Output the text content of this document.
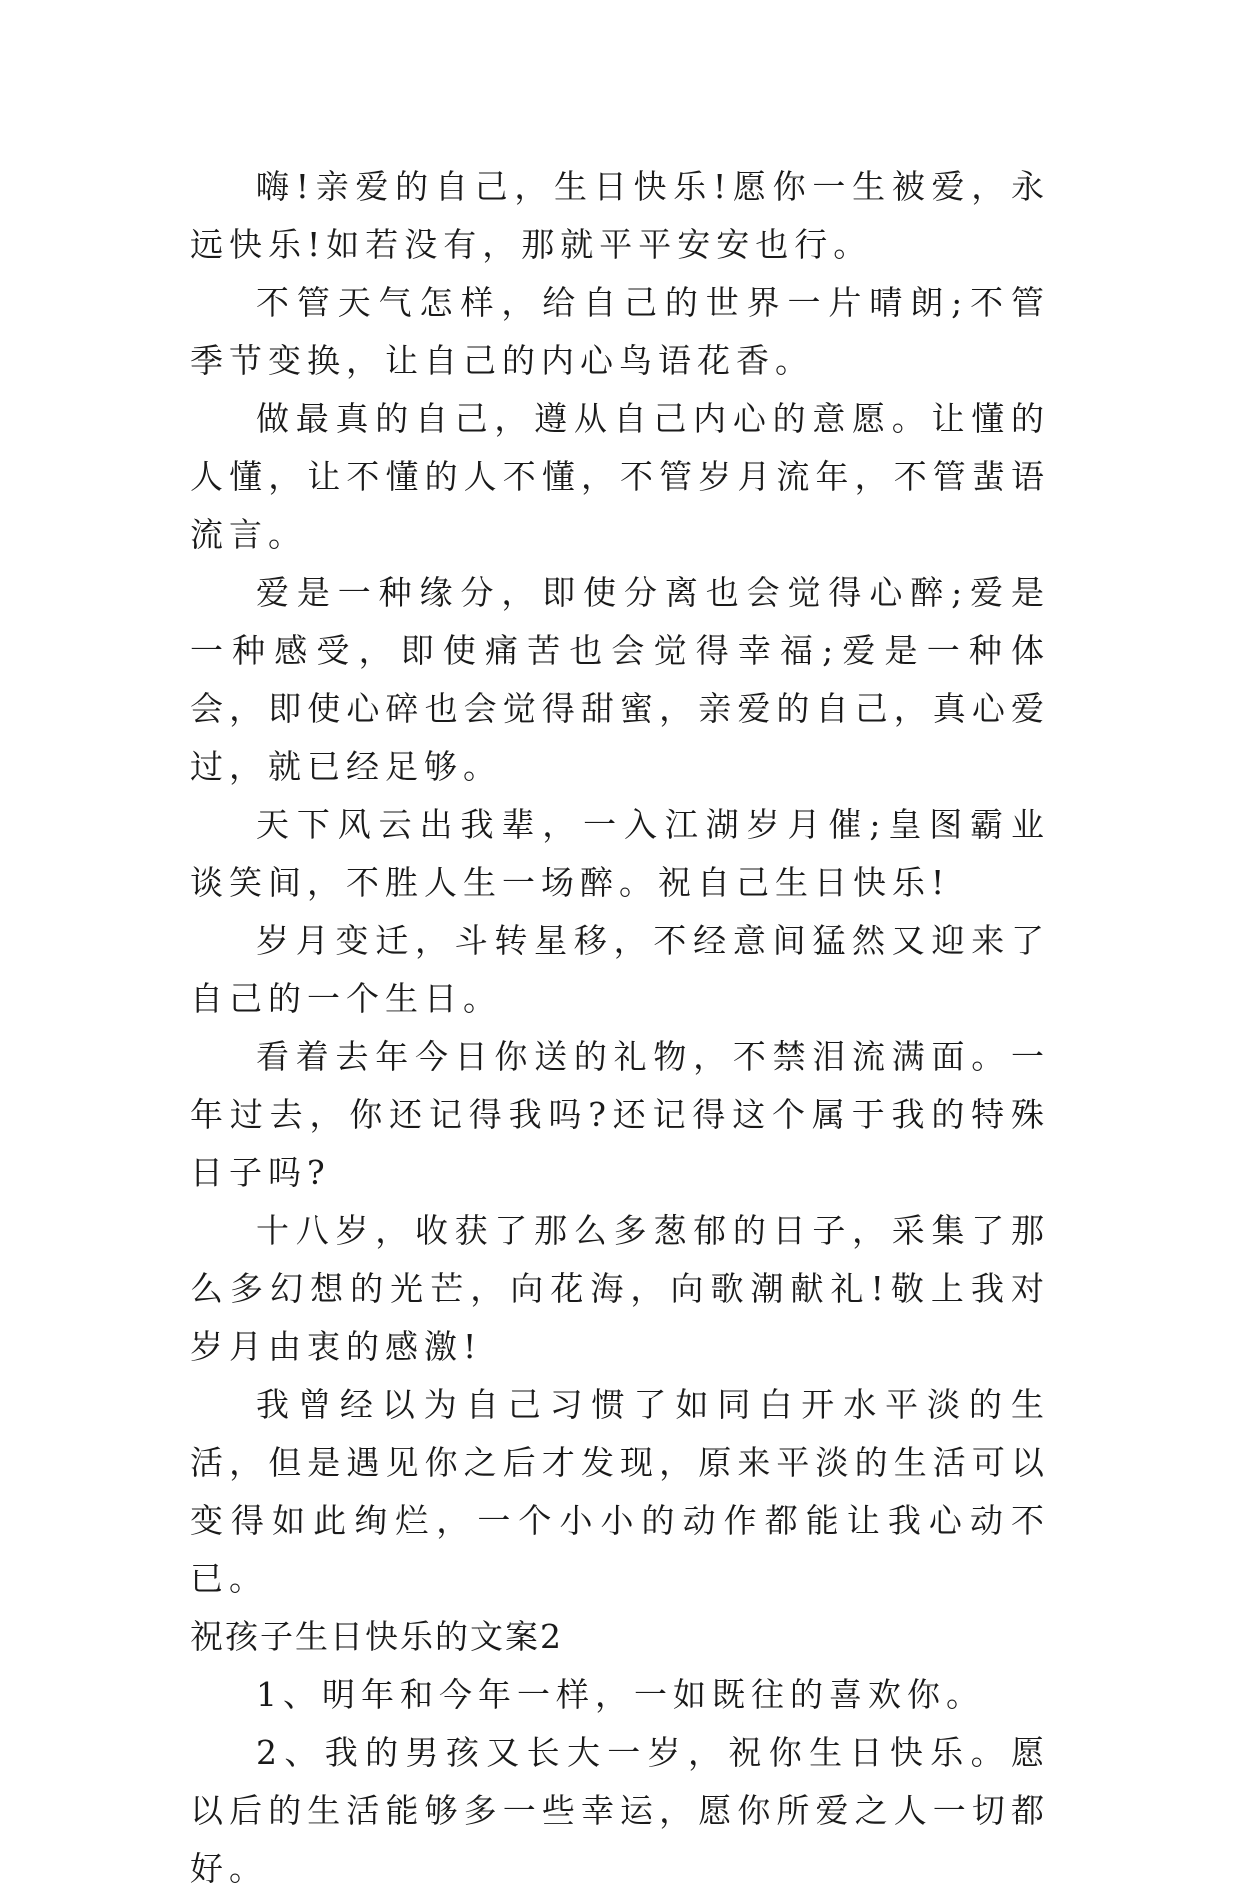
嗨!亲爱的自己，生日快乐!愿你一生被爱，永远快乐!如若没有，那就平平安安也行。

不管天气怎样，给自己的世界一片晴朗;不管季节变换，让自己的内心鸟语花香。

做最真的自己，遵从自己内心的意愿。让懂的人懂，让不懂的人不懂，不管岁月流年，不管蜚语流言。

爱是一种缘分，即使分离也会觉得心醉;爱是一种感受，即使痛苦也会觉得幸福;爱是一种体会，即使心碎也会觉得甜蜜，亲爱的自己，真心爱过，就已经足够。

天下风云出我辈，一入江湖岁月催;皇图霸业谈笑间，不胜人生一场醉。祝自己生日快乐!

岁月变迁，斗转星移，不经意间猛然又迎来了自己的一个生日。

看着去年今日你送的礼物，不禁泪流满面。一年过去，你还记得我吗?还记得这个属于我的特殊日子吗?

十八岁，收获了那么多葱郁的日子，采集了那么多幻想的光芒，向花海，向歌潮献礼!敬上我对岁月由衷的感激!

我曾经以为自己习惯了如同白开水平淡的生活，但是遇见你之后才发现，原来平淡的生活可以变得如此绚烂，一个小小的动作都能让我心动不已。

祝孩子生日快乐的文案2

1、明年和今年一样，一如既往的喜欢你。

2、我的男孩又长大一岁，祝你生日快乐。愿以后的生活能够多一些幸运，愿你所爱之人一切都好。
